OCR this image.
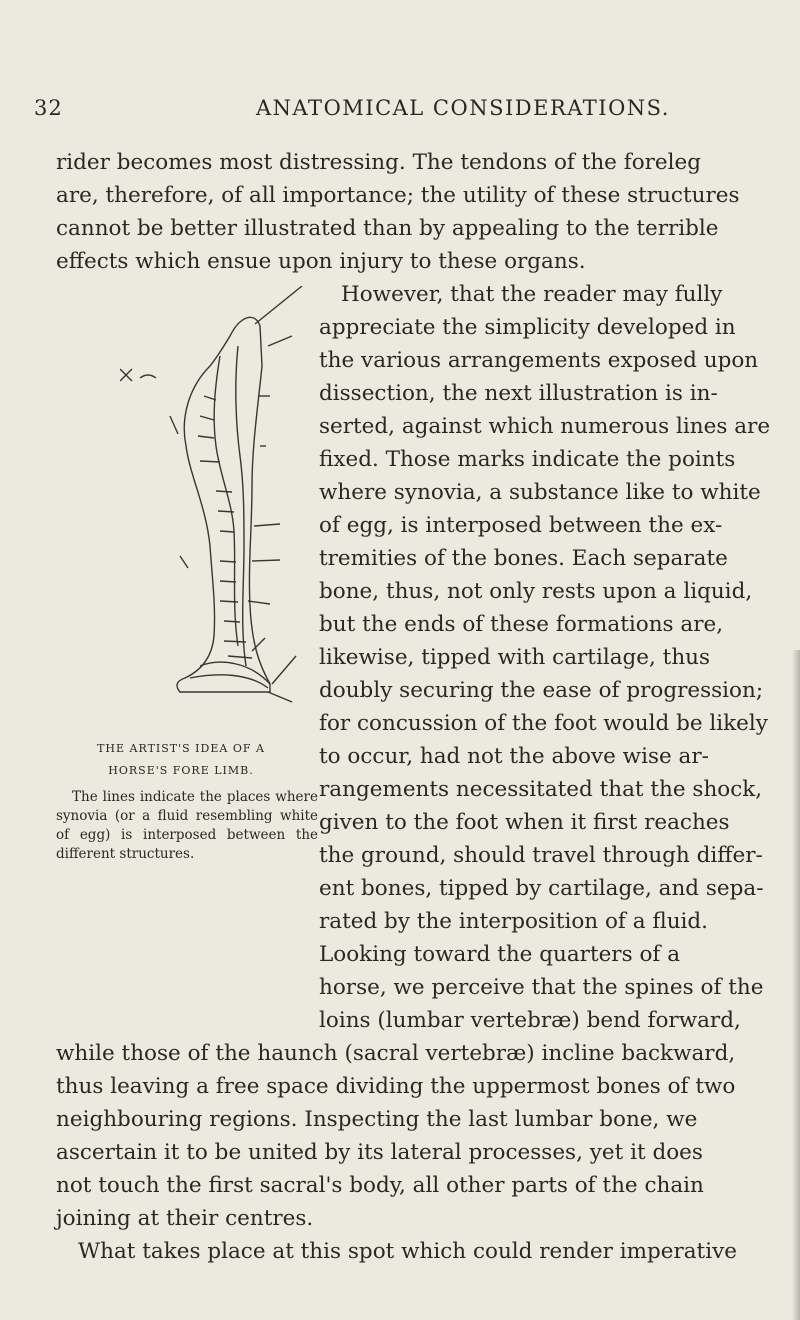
32	ANATOMICAL CONSIDERATIONS.
rider becomes most distressing. The tendons of the foreleg
are, therefore, of all importance; the utility of these structures
cannot be better illustrated than by appealing to the terrible
effects which ensue upon injury to these organs.
However, that the reader may fully
appreciate the simplicity developed in
the various arrangements exposed upon
dissection, the next illustration is in-
serted, against which numerous lines are
fixed. Those marks indicate the points
where synovia, a substance like to white
of egg, is interposed between the ex-
tremities of the bones. Each separate
bone, thus, not only rests upon a liquid,
but the ends of these formations are,
likewise, tipped with cartilage, thus
doubly securing the ease of progression;
for concussion of the foot would be likely
to occur, had not the above wise ar-
rangements necessitated that the shock,
given to the foot when it first reaches
the ground, should travel through differ-
ent bones, tipped by cartilage, and sepa-
rated by the interposition of a fluid.
Looking toward the quarters of a
horse, we perceive that the spines of the
loins (lumbar vertebræ) bend forward,
while those of the haunch (sacral vertebræ) incline backward,
thus leaving a free space dividing the uppermost bones of two
neighbouring regions. Inspecting the last lumbar bone, we
ascertain it to be united by its lateral processes, yet it does
not touch the first sacral's body, all other parts of the chain
joining at their centres.
What takes place at this spot which could render imperative
THE ARTIST'S IDEA OF A
HORSE'S FORE LIMB.
The lines indicate the places where synovia (or a fluid resembling white of egg) is interposed between the different structures.
